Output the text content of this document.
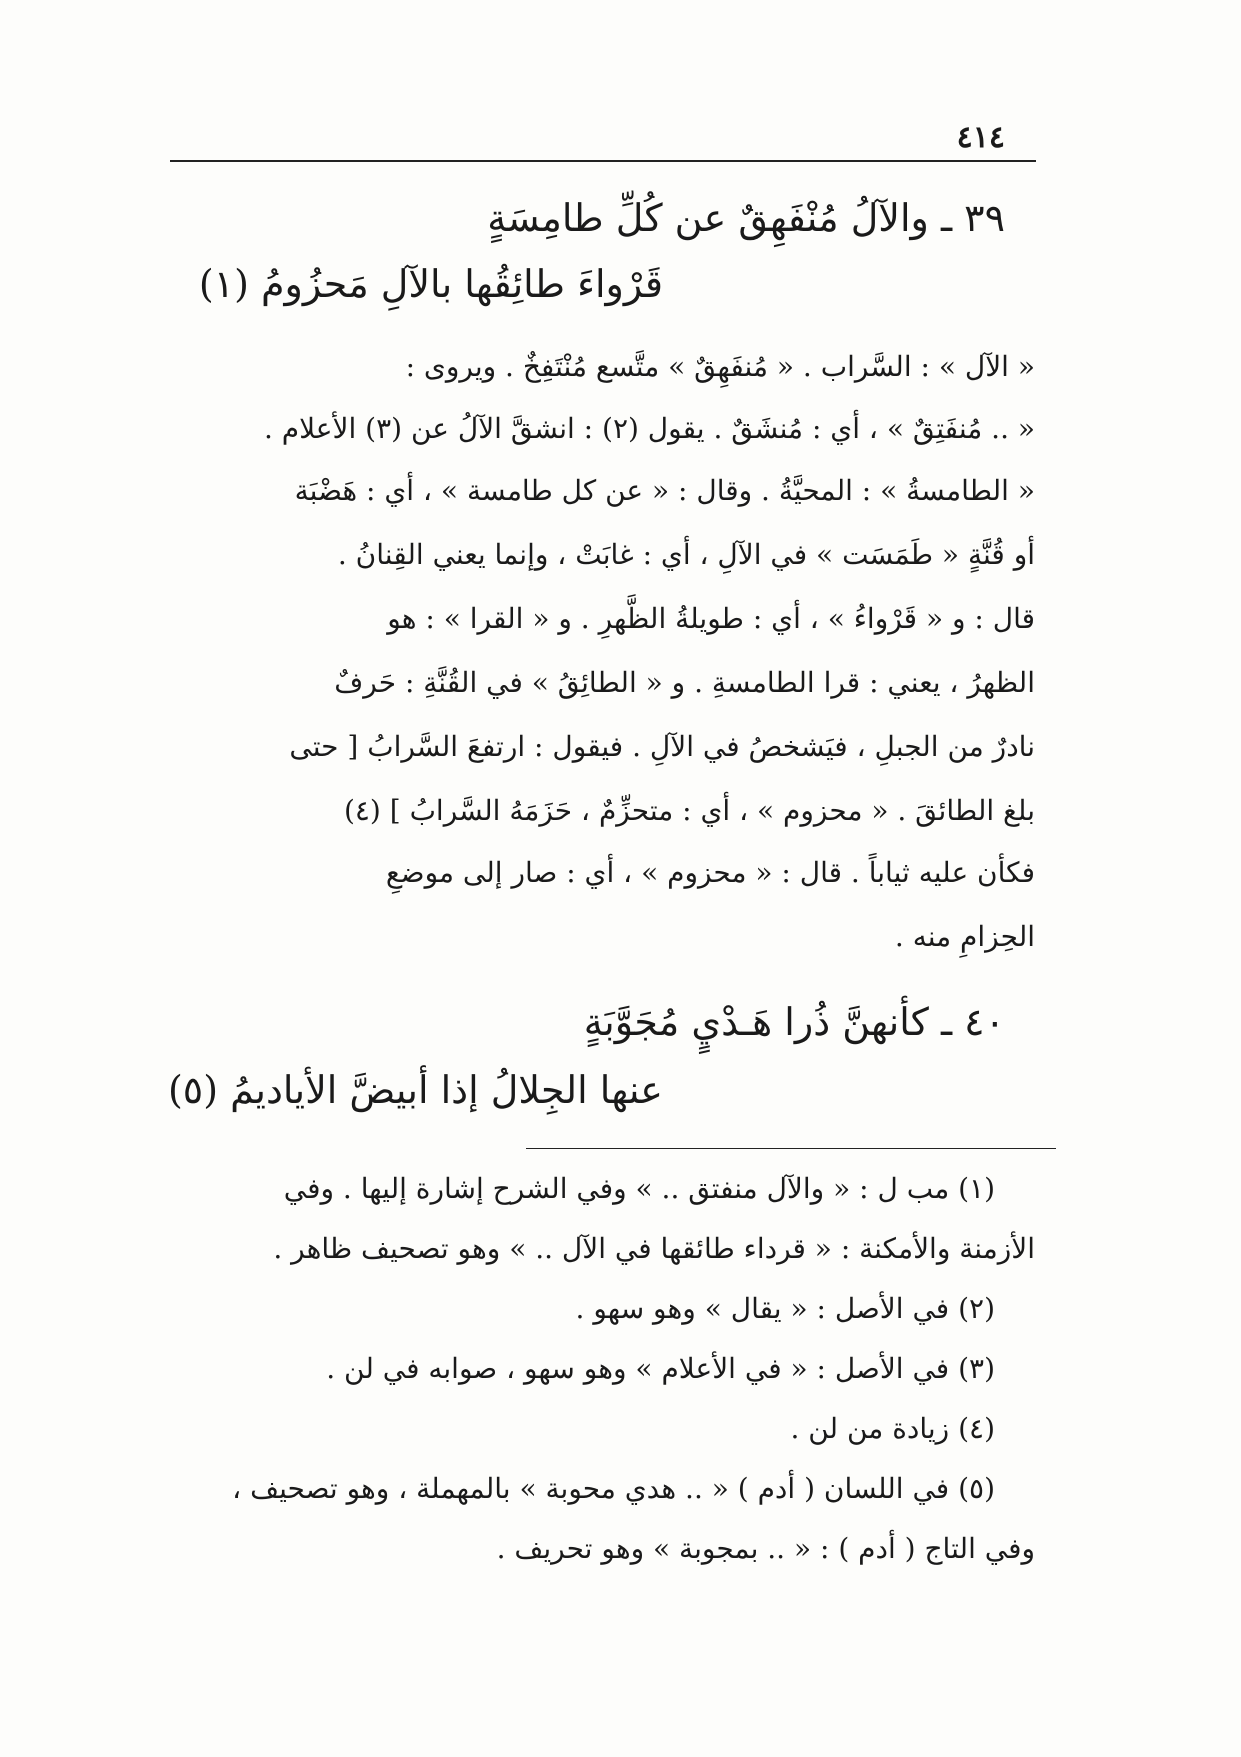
٤١٤
٣٩ ـ والآلُ مُنْفَهِقٌ عن كُلِّ طامِسَةٍ
قَرْواءَ طائِقُها بالآلِ مَحزُومُ (١)
« الآل » : السَّراب . « مُنفَهِقٌ » متَّسع مُنْتَفِخٌ . ويروى :
« .. مُنفَتِقٌ » ، أي : مُنشَقٌ . يقول (٢) : انشقَّ الآلُ عن (٣) الأعلام .
« الطامسةُ » : المحيَّةُ . وقال : « عن كل طامسة » ، أي : هَضْبَة
أو قُنَّةٍ « طَمَسَت » في الآلِ ، أي : غابَتْ ، وإنما يعني القِنانُ .
قال : و « قَرْواءُ » ، أي : طويلةُ الظَّهرِ . و « القرا » : هو
الظهرُ ، يعني : قرا الطامسةِ . و « الطائِقُ » في القُنَّةِ : حَرفٌ
نادرٌ من الجبلِ ، فيَشخصُ في الآلِ . فيقول : ارتفعَ السَّرابُ [ حتى
بلغ الطائقَ . « محزوم » ، أي : متحزِّمٌ ، حَزَمَهُ السَّرابُ ] (٤)
فكأن عليه ثياباً . قال : « محزوم » ، أي : صار إلى موضعِ
الحِزامِ منه .
٤٠ ـ كأنهنَّ ذُرا هَـدْيٍ مُجَوَّبَةٍ
عنها الجِلالُ إذا أبيضَّ الأياديمُ (٥)
(١) مب ل : « والآل منفتق .. » وفي الشرح إشارة إليها . وفي
الأزمنة والأمكنة : « قرداء طائقها في الآل .. » وهو تصحيف ظاهر .
(٢) في الأصل : « يقال » وهو سهو .
(٣) في الأصل : « في الأعلام » وهو سهو ، صوابه في لن .
(٤) زيادة من لن .
(٥) في اللسان ( أدم ) « .. هدي محوبة » بالمهملة ، وهو تصحيف ،
وفي التاج ( أدم ) : « .. بمجوبة » وهو تحريف .
